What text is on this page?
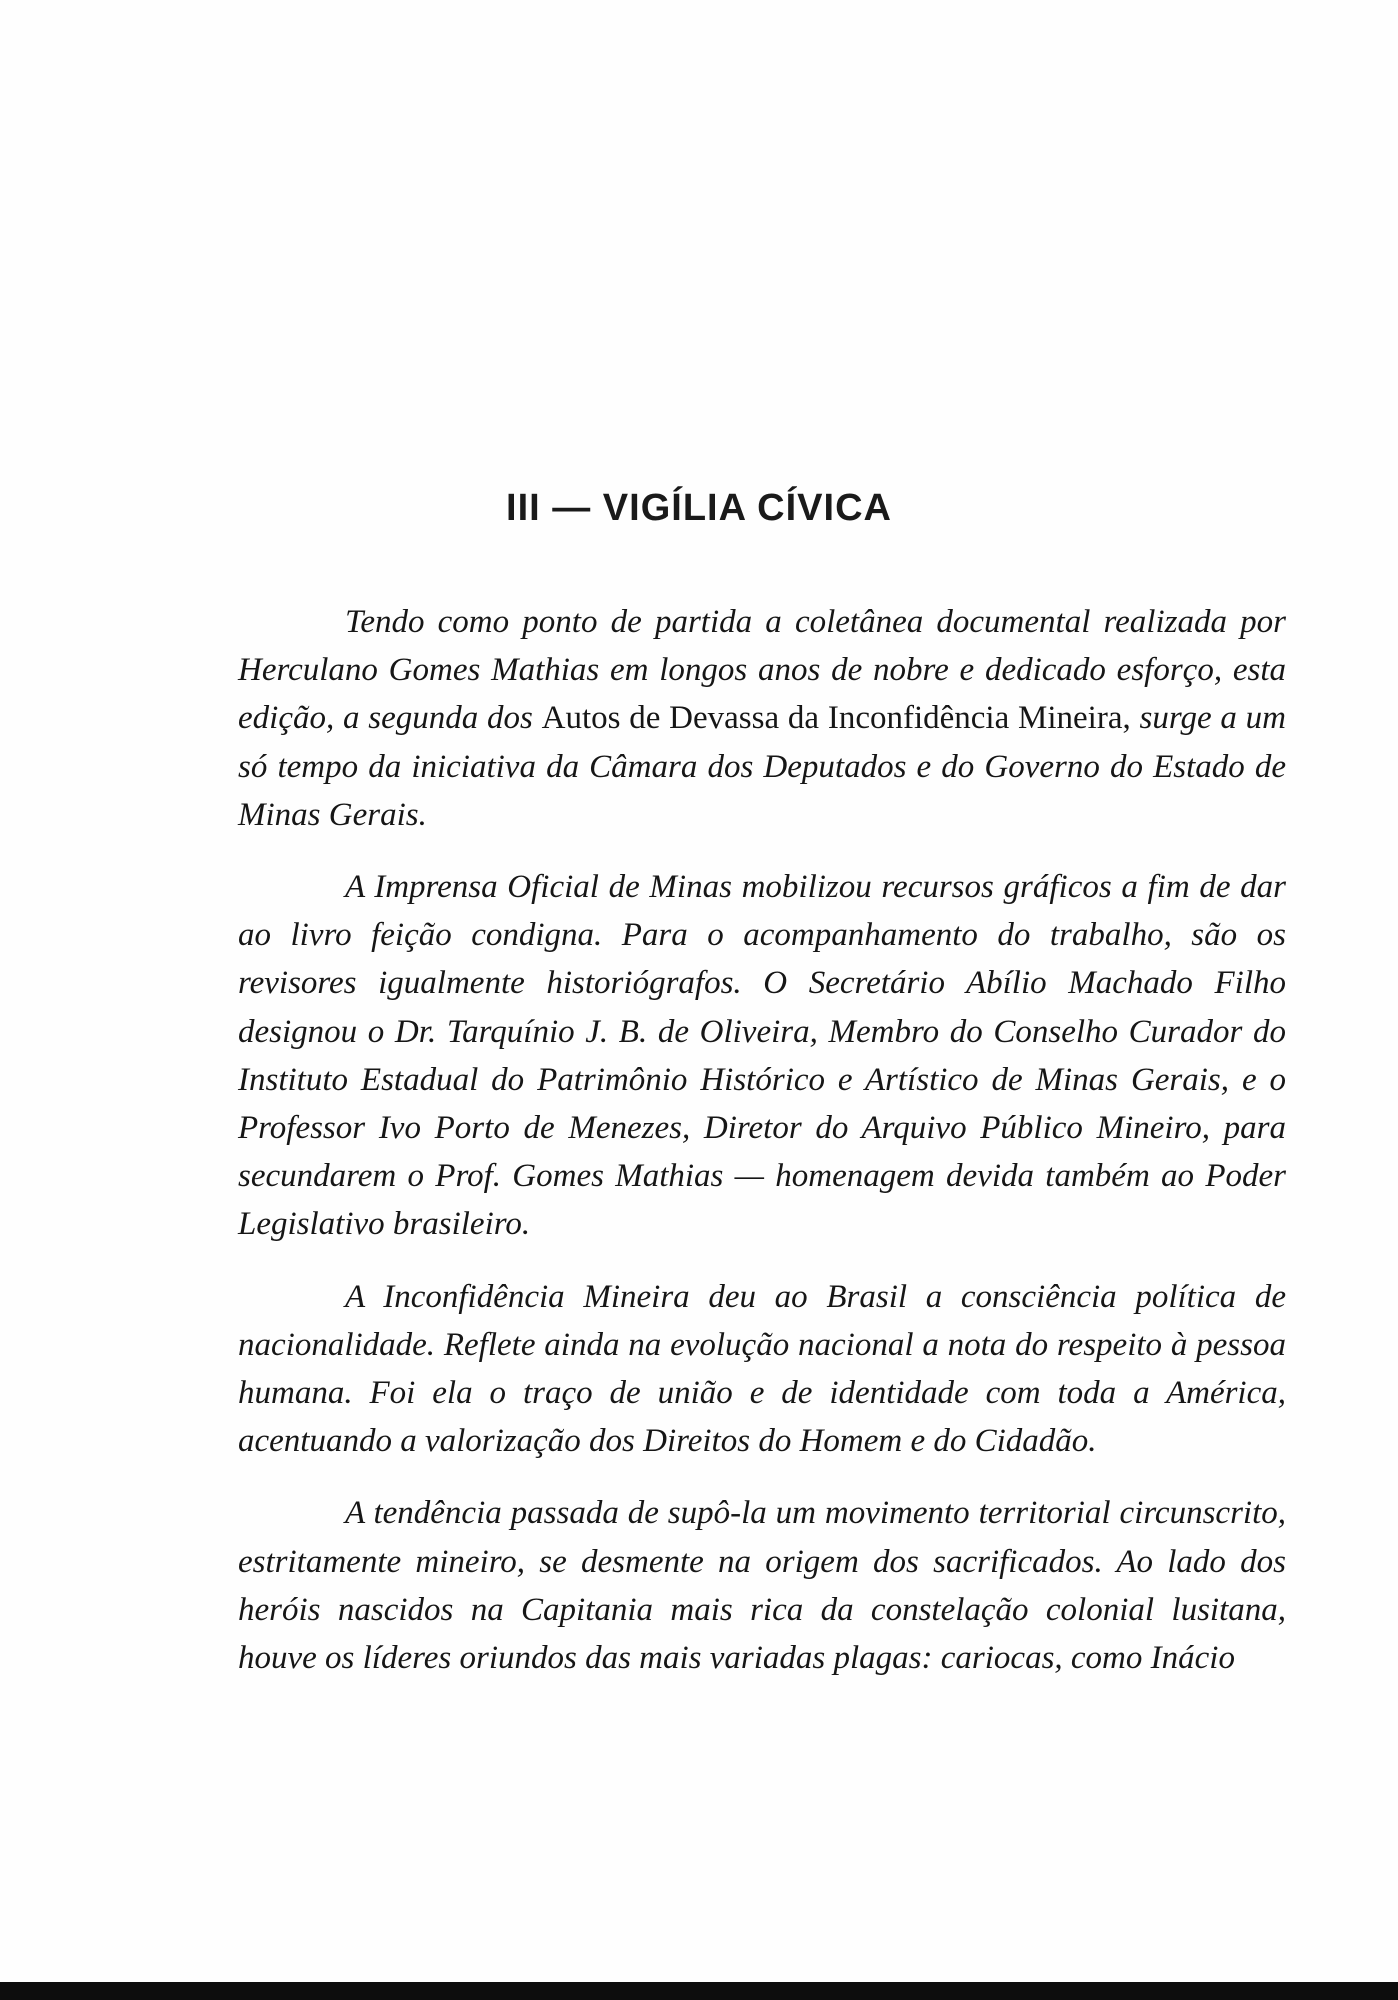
III — VIGÍLIA CÍVICA

Tendo como ponto de partida a coletânea documental realizada por Herculano Gomes Mathias em longos anos de nobre e dedicado esforço, esta edição, a segunda dos Autos de Devassa da Inconfidência Mineira, surge a um só tempo da iniciativa da Câmara dos Deputados e do Governo do Estado de Minas Gerais.

A Imprensa Oficial de Minas mobilizou recursos gráficos a fim de dar ao livro feição condigna. Para o acompanhamento do trabalho, são os revisores igualmente historiógrafos. O Secretário Abílio Machado Filho designou o Dr. Tarquínio J. B. de Oliveira, Membro do Conselho Curador do Instituto Estadual do Patrimônio Histórico e Artístico de Minas Gerais, e o Professor Ivo Porto de Menezes, Diretor do Arquivo Público Mineiro, para secundarem o Prof. Gomes Mathias — homenagem devida também ao Poder Legislativo brasileiro.

A Inconfidência Mineira deu ao Brasil a consciência política de nacionalidade. Reflete ainda na evolução nacional a nota do respeito à pessoa humana. Foi ela o traço de união e de identidade com toda a América, acentuando a valorização dos Direitos do Homem e do Cidadão.

A tendência passada de supô-la um movimento territorial circunscrito, estritamente mineiro, se desmente na origem dos sacrificados. Ao lado dos heróis nascidos na Capitania mais rica da constelação colonial lusitana, houve os líderes oriundos das mais variadas plagas: cariocas, como Inácio
